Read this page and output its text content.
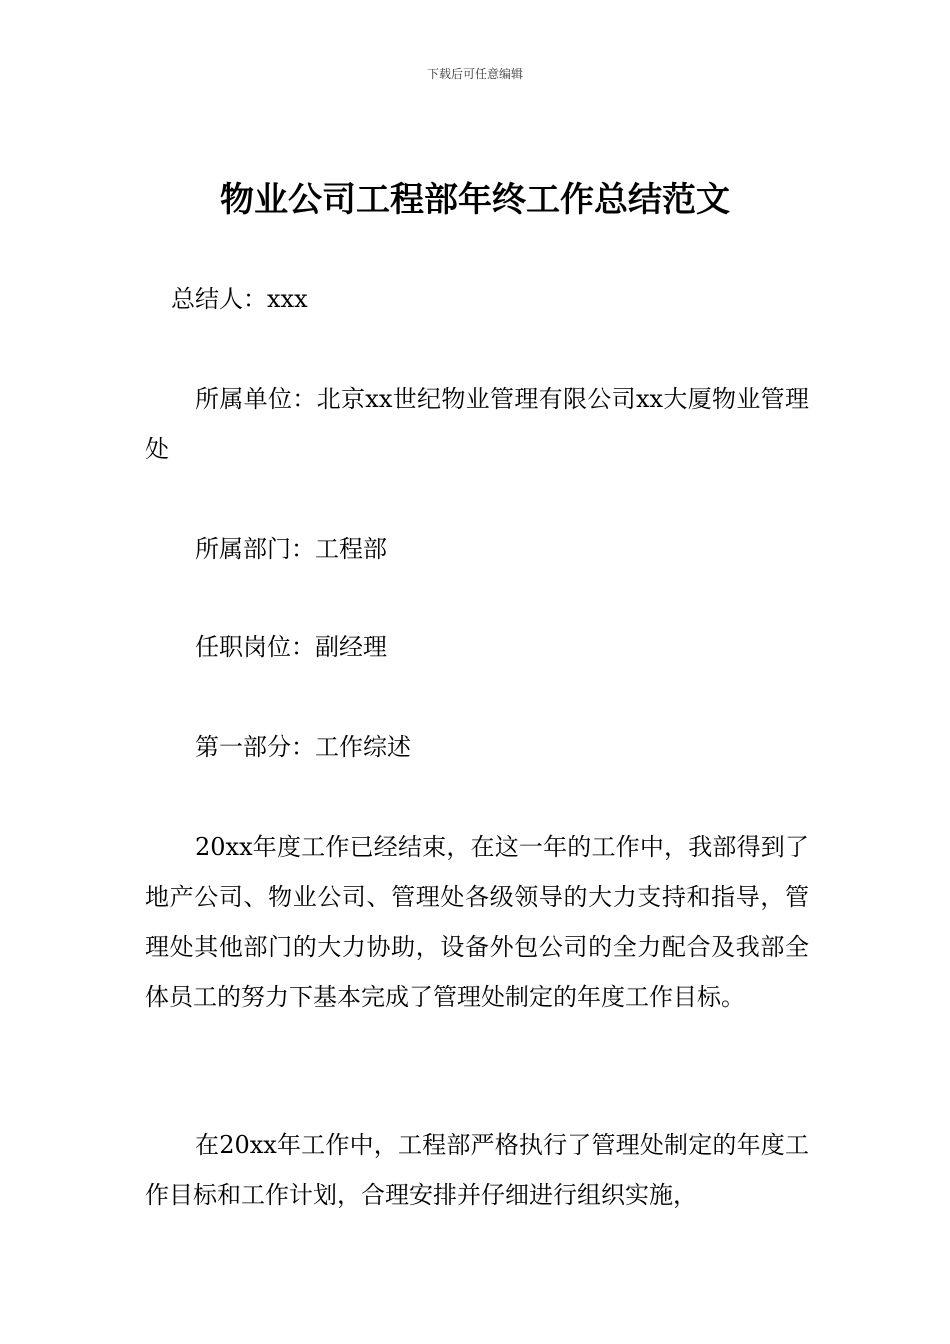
下载后可任意编辑
物业公司工程部年终工作总结范文

总结人：xxx

所属单位：北京xx世纪物业管理有限公司xx大厦物业管理处

所属部门：工程部

任职岗位：副经理

第一部分：工作综述

20xx年度工作已经结束，在这一年的工作中，我部得到了地产公司、物业公司、管理处各级领导的大力支持和指导，管理处其他部门的大力协助，设备外包公司的全力配合及我部全体员工的努力下基本完成了管理处制定的年度工作目标。

在20xx年工作中，工程部严格执行了管理处制定的年度工作目标和工作计划，合理安排并仔细进行组织实施，
